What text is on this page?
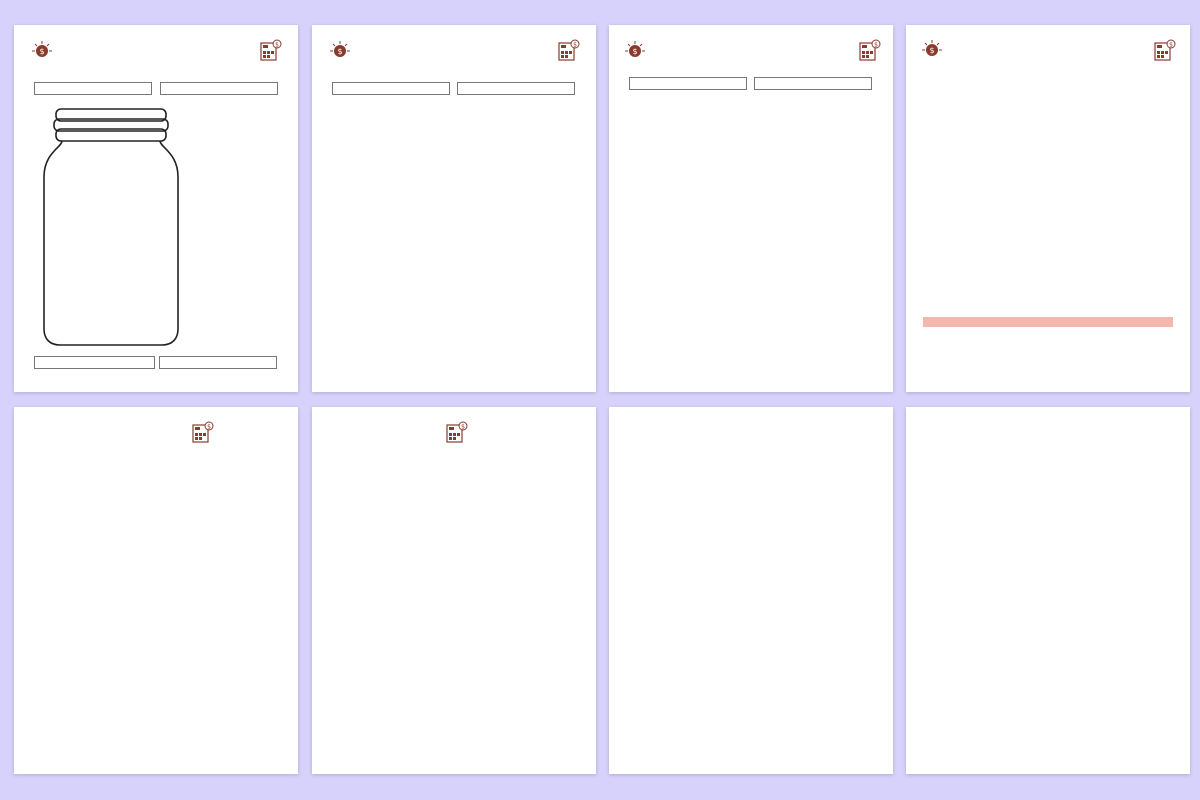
$
$
$
$
$
$
$
$
$	$
